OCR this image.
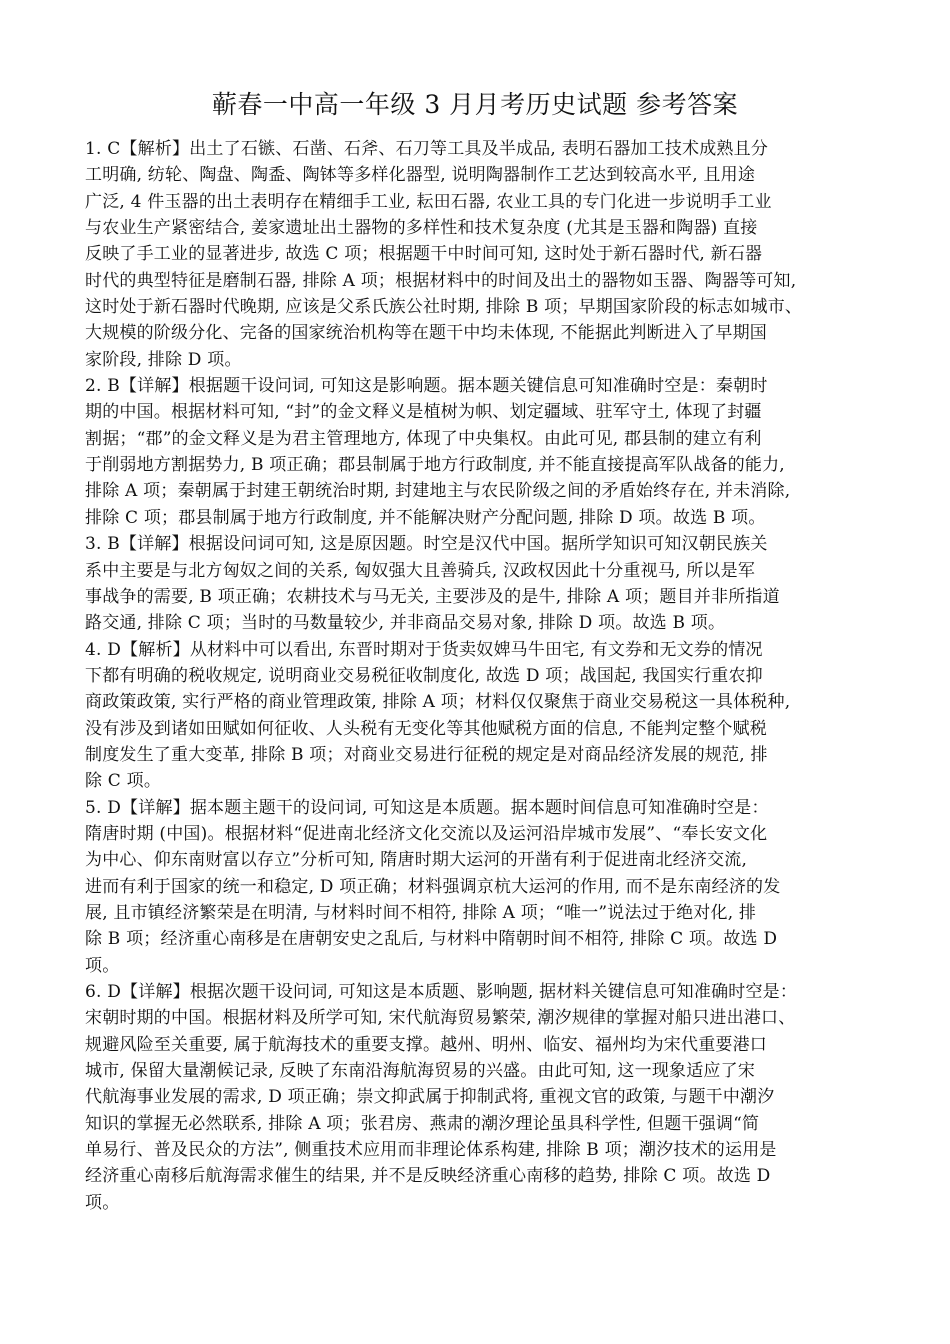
蕲春一中高一年级 3 月月考历史试题 参考答案
1. C【解析】出土了石镞、石凿、石斧、石刀等工具及半成品, 表明石器加工技术成熟且分
工明确, 纺轮、陶盘、陶盉、陶钵等多样化器型, 说明陶器制作工艺达到较高水平, 且用途
广泛, 4 件玉器的出土表明存在精细手工业, 耘田石器, 农业工具的专门化进一步说明手工业
与农业生产紧密结合, 姜家遗址出土器物的多样性和技术复杂度 (尤其是玉器和陶器) 直接
反映了手工业的显著进步, 故选 C 项；根据题干中时间可知, 这时处于新石器时代, 新石器
时代的典型特征是磨制石器, 排除 A 项；根据材料中的时间及出土的器物如玉器、陶器等可知,
这时处于新石器时代晚期, 应该是父系氏族公社时期, 排除 B 项；早期国家阶段的标志如城市、
大规模的阶级分化、完备的国家统治机构等在题干中均未体现, 不能据此判断进入了早期国
家阶段, 排除 D 项。
2. B【详解】根据题干设问词, 可知这是影响题。据本题关键信息可知准确时空是：秦朝时
期的中国。根据材料可知, “封”的金文释义是植树为帜、划定疆域、驻军守土, 体现了封疆
割据；“郡”的金文释义是为君主管理地方, 体现了中央集权。由此可见, 郡县制的建立有利
于削弱地方割据势力, B 项正确；郡县制属于地方行政制度, 并不能直接提高军队战备的能力,
排除 A 项；秦朝属于封建王朝统治时期, 封建地主与农民阶级之间的矛盾始终存在, 并未消除,
排除 C 项；郡县制属于地方行政制度, 并不能解决财产分配问题, 排除 D 项。故选 B 项。
3. B【详解】根据设问词可知, 这是原因题。时空是汉代中国。据所学知识可知汉朝民族关
系中主要是与北方匈奴之间的关系, 匈奴强大且善骑兵, 汉政权因此十分重视马, 所以是军
事战争的需要, B 项正确；农耕技术与马无关, 主要涉及的是牛, 排除 A 项；题目并非所指道
路交通, 排除 C 项；当时的马数量较少, 并非商品交易对象, 排除 D 项。故选 B 项。
4. D【解析】从材料中可以看出, 东晋时期对于货卖奴婢马牛田宅, 有文券和无文券的情况
下都有明确的税收规定, 说明商业交易税征收制度化, 故选 D 项；战国起, 我国实行重农抑
商政策政策, 实行严格的商业管理政策, 排除 A 项；材料仅仅聚焦于商业交易税这一具体税种,
没有涉及到诸如田赋如何征收、人头税有无变化等其他赋税方面的信息, 不能判定整个赋税
制度发生了重大变革, 排除 B 项；对商业交易进行征税的规定是对商品经济发展的规范, 排
除 C 项。
5. D【详解】据本题主题干的设问词, 可知这是本质题。据本题时间信息可知准确时空是：
隋唐时期 (中国)。根据材料“促进南北经济文化交流以及运河沿岸城市发展”、“奉长安文化
为中心、仰东南财富以存立”分析可知, 隋唐时期大运河的开凿有利于促进南北经济交流,
进而有利于国家的统一和稳定, D 项正确；材料强调京杭大运河的作用, 而不是东南经济的发
展, 且市镇经济繁荣是在明清, 与材料时间不相符, 排除 A 项；“唯一”说法过于绝对化, 排
除 B 项；经济重心南移是在唐朝安史之乱后, 与材料中隋朝时间不相符, 排除 C 项。故选 D
项。
6. D【详解】根据次题干设问词, 可知这是本质题、影响题, 据材料关键信息可知准确时空是：
宋朝时期的中国。根据材料及所学可知, 宋代航海贸易繁荣, 潮汐规律的掌握对船只进出港口、
规避风险至关重要, 属于航海技术的重要支撑。越州、明州、临安、福州均为宋代重要港口
城市, 保留大量潮候记录, 反映了东南沿海航海贸易的兴盛。由此可知, 这一现象适应了宋
代航海事业发展的需求, D 项正确；崇文抑武属于抑制武将, 重视文官的政策, 与题干中潮汐
知识的掌握无必然联系, 排除 A 项；张君房、燕肃的潮汐理论虽具科学性, 但题干强调“简
单易行、普及民众的方法”, 侧重技术应用而非理论体系构建, 排除 B 项；潮汐技术的运用是
经济重心南移后航海需求催生的结果, 并不是反映经济重心南移的趋势, 排除 C 项。故选 D
项。
